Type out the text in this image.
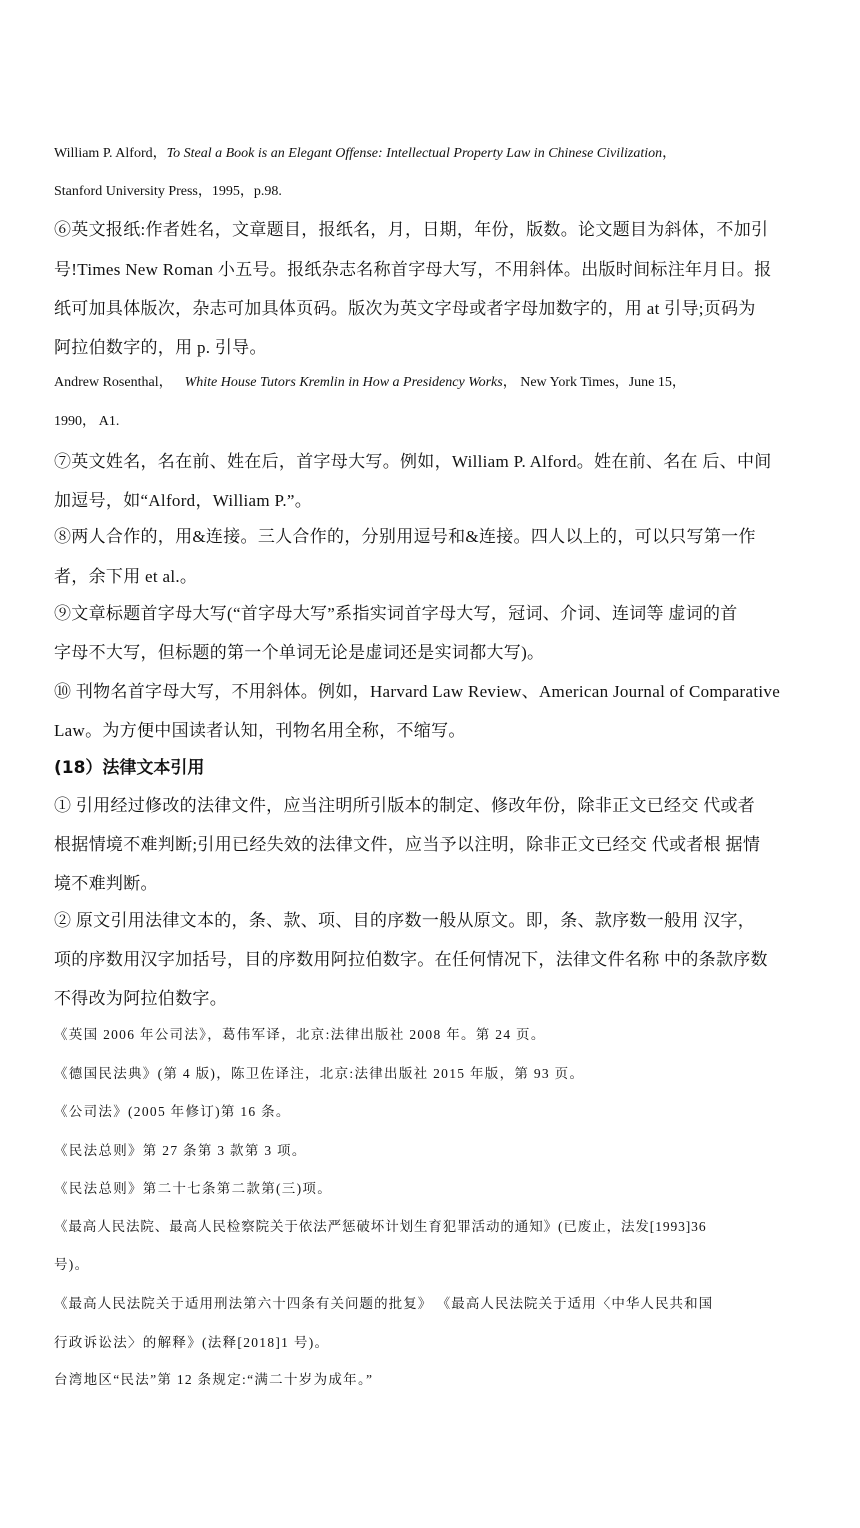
William P. Alford，To Steal a Book is an Elegant Offense: Intellectual Property Law in Chinese Civilization，

Stanford University Press，1995，p.98.

⑥英文报纸:作者姓名，文章题目，报纸名，月，日期，年份，版数。论文题目为斜体，不加引

号!Times New Roman 小五号。报纸杂志名称首字母大写，不用斜体。出版时间标注年月日。报

纸可加具体版次，杂志可加具体页码。版次为英文字母或者字母加数字的，用 at 引导;页码为

阿拉伯数字的，用 p. 引导。

Andrew Rosenthal， White House Tutors Kremlin in How a Presidency Works， New York Times，June 15，

1990， A1.

⑦英文姓名，名在前、姓在后，首字母大写。例如，William P. Alford。姓在前、名在 后、中间

加逗号，如“Alford，William P.”。

⑧两人合作的，用&连接。三人合作的，分别用逗号和&连接。四人以上的，可以只写第一作

者，余下用 et al.。

⑨文章标题首字母大写(“首字母大写”系指实词首字母大写，冠词、介词、连词等 虚词的首

字母不大写，但标题的第一个单词无论是虚词还是实词都大写)。

⑩ 刊物名首字母大写，不用斜体。例如，Harvard Law Review、American Journal of Comparative

Law。为方便中国读者认知，刊物名用全称，不缩写。

(18）法律文本引用

① 引用经过修改的法律文件，应当注明所引版本的制定、修改年份，除非正文已经交 代或者

根据情境不难判断;引用已经失效的法律文件，应当予以注明，除非正文已经交 代或者根 据情

境不难判断。

② 原文引用法律文本的，条、款、项、目的序数一般从原文。即，条、款序数一般用 汉字，

项的序数用汉字加括号，目的序数用阿拉伯数字。在任何情况下，法律文件名称 中的条款序数

不得改为阿拉伯数字。

《英国 2006 年公司法》，葛伟军译，北京:法律出版社 2008 年。第 24 页。

《德国民法典》(第 4 版)，陈卫佐译注，北京:法律出版社 2015 年版，第 93 页。

《公司法》(2005 年修订)第 16 条。

《民法总则》第 27 条第 3 款第 3 项。

《民法总则》第二十七条第二款第(三)项。

《最高人民法院、最高人民检察院关于依法严惩破坏计划生育犯罪活动的通知》(已废止，法发[1993]36

号)。

《最高人民法院关于适用刑法第六十四条有关问题的批复》 《最高人民法院关于适用〈中华人民共和国

行政诉讼法〉的解释》(法释[2018]1 号)。

台湾地区“民法”第 12 条规定:“满二十岁为成年。”
